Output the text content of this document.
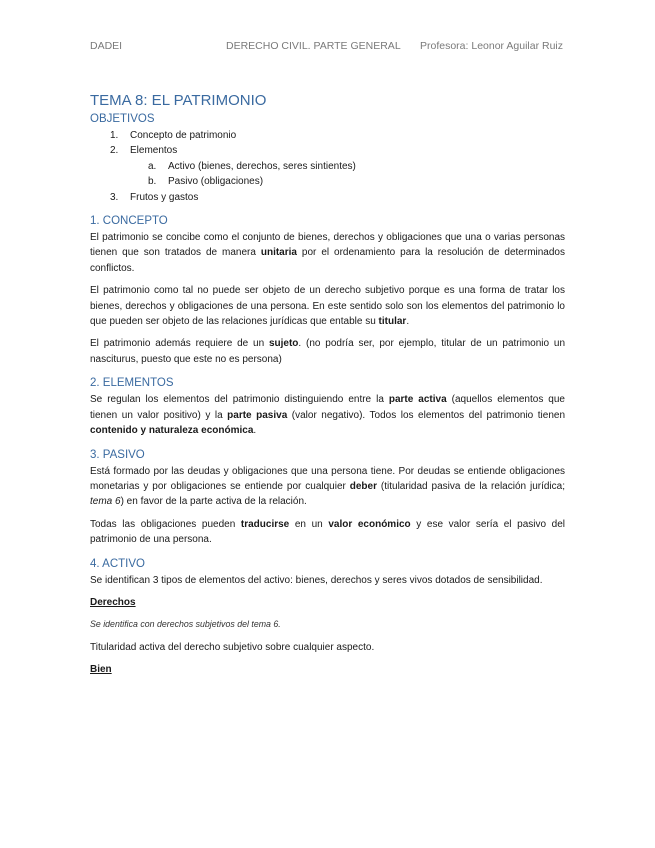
DADEI	DERECHO CIVIL. PARTE GENERAL Profesora: Leonor Aguilar Ruiz
TEMA 8: EL PATRIMONIO
OBJETIVOS
1. Concepto de patrimonio
2. Elementos
a. Activo (bienes, derechos, seres sintientes)
b. Pasivo (obligaciones)
3. Frutos y gastos
1. CONCEPTO

El patrimonio se concibe como el conjunto de bienes, derechos y obligaciones que una o varias personas tienen que son tratados de manera unitaria por el ordenamiento para la resolución de determinados conflictos.

El patrimonio como tal no puede ser objeto de un derecho subjetivo porque es una forma de tratar los bienes, derechos y obligaciones de una persona. En este sentido solo son los elementos del patrimonio lo que pueden ser objeto de las relaciones jurídicas que entable su titular.

El patrimonio además requiere de un sujeto. (no podría ser, por ejemplo, titular de un patrimonio un nasciturus, puesto que este no es persona)

2. ELEMENTOS

Se regulan los elementos del patrimonio distinguiendo entre la parte activa (aquellos elementos que tienen un valor positivo) y la parte pasiva (valor negativo). Todos los elementos del patrimonio tienen contenido y naturaleza económica.

3. PASIVO

Está formado por las deudas y obligaciones que una persona tiene. Por deudas se entiende obligaciones monetarias y por obligaciones se entiende por cualquier deber (titularidad pasiva de la relación jurídica; tema 6) en favor de la parte activa de la relación.

Todas las obligaciones pueden traducirse en un valor económico y ese valor sería el pasivo del patrimonio de una persona.

4. ACTIVO

Se identifican 3 tipos de elementos del activo: bienes, derechos y seres vivos dotados de sensibilidad.

Derechos

Se identifica con derechos subjetivos del tema 6.

Titularidad activa del derecho subjetivo sobre cualquier aspecto.

Bien
